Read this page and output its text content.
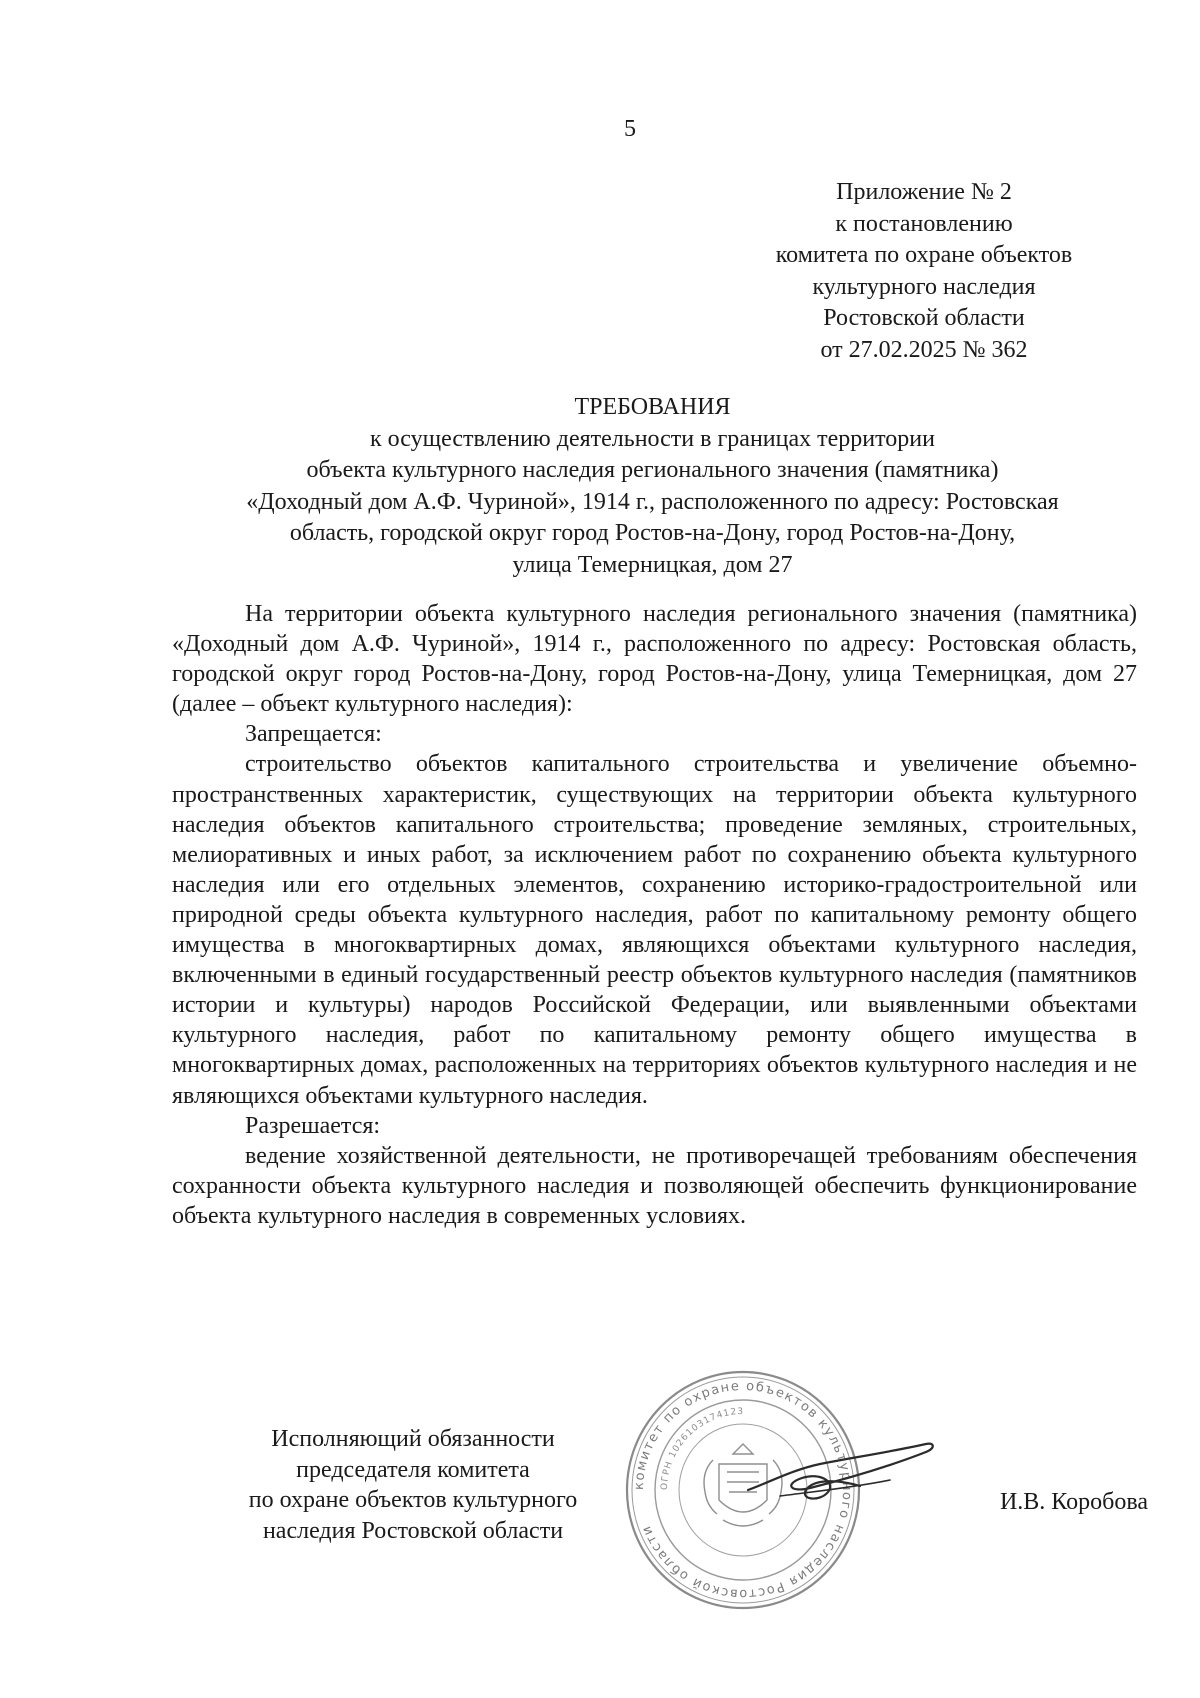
5
Приложение № 2
к постановлению
комитета по охране объектов
культурного наследия
Ростовской области
от 27.02.2025 № 362
ТРЕБОВАНИЯ
к осуществлению деятельности в границах территории
объекта культурного наследия регионального значения (памятника)
«Доходный дом А.Ф. Чуриной», 1914 г., расположенного по адресу: Ростовская
область, городской округ город Ростов-на-Дону, город Ростов-на-Дону,
улица Темерницкая, дом 27

На территории объекта культурного наследия регионального значения (памятника) «Доходный дом А.Ф. Чуриной», 1914 г., расположенного по адресу: Ростовская область, городской округ город Ростов-на-Дону, город Ростов-на-Дону, улица Темерницкая, дом 27 (далее – объект культурного наследия):

Запрещается:

строительство объектов капитального строительства и увеличение объемно-пространственных характеристик, существующих на территории объекта культурного наследия объектов капитального строительства; проведение земляных, строительных, мелиоративных и иных работ, за исключением работ по сохранению объекта культурного наследия или его отдельных элементов, сохранению историко-градостроительной или природной среды объекта культурного наследия, работ по капитальному ремонту общего имущества в многоквартирных домах, являющихся объектами культурного наследия, включенными в единый государственный реестр объектов культурного наследия (памятников истории и культуры) народов Российской Федерации, или выявленными объектами культурного наследия, работ по капитальному ремонту общего имущества в многоквартирных домах, расположенных на территориях объектов культурного наследия и не являющихся объектами культурного наследия.

Разрешается:

ведение хозяйственной деятельности, не противоречащей требованиям обеспечения сохранности объекта культурного наследия и позволяющей обеспечить функционирование объекта культурного наследия в современных условиях.

Исполняющий обязанности
председателя комитета
по охране объектов культурного
наследия Ростовской области
комитет по охране объектов культурного наследия Ростовской области
ОГРН 1026103174123
И.В. Коробова
